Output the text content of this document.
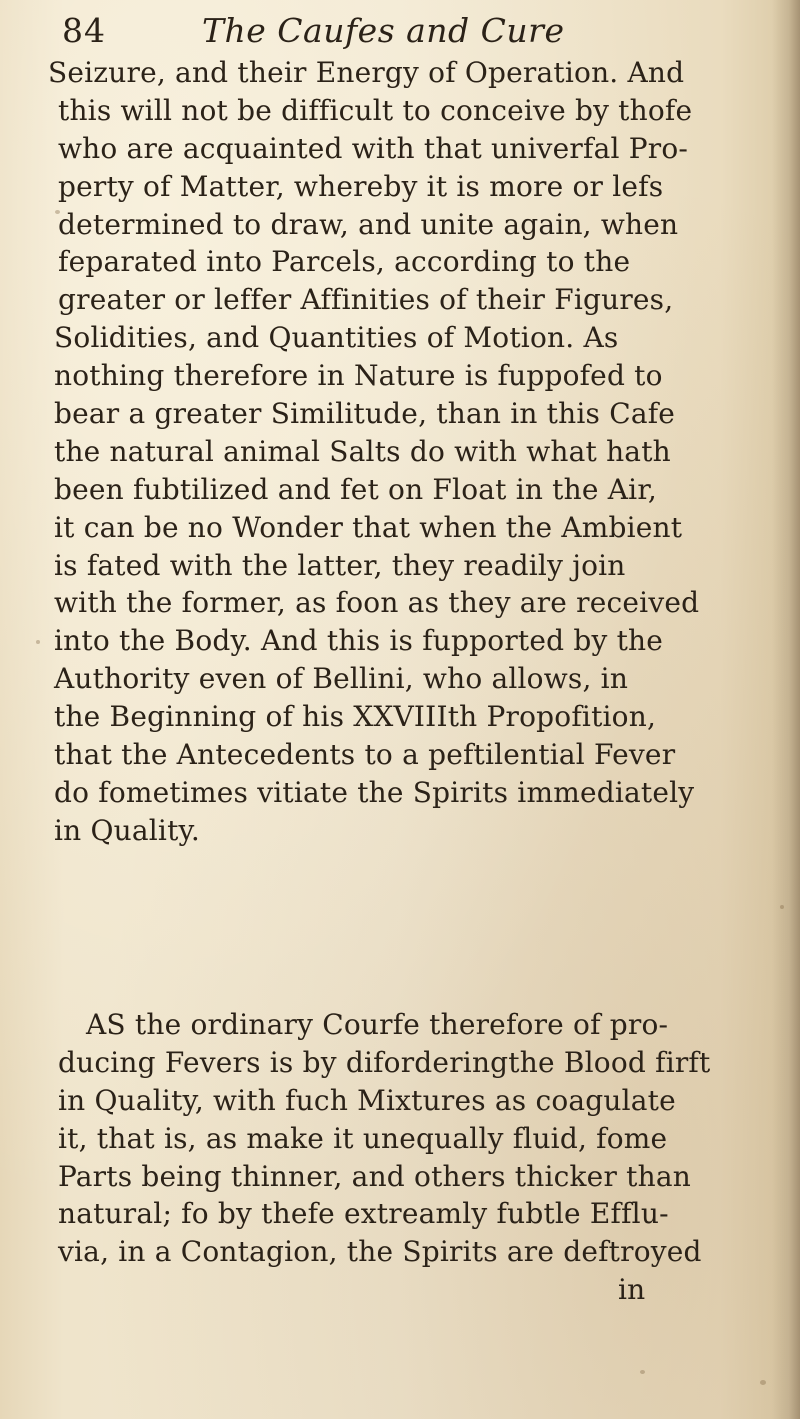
84	The Caufes and Cure
Seizure, and their Energy of Operation. And
this will not be difficult to conceive by thofe
who are acquainted with that univerfal Pro-
perty of Matter, whereby it is more or lefs
determined to draw, and unite again, when
feparated into Parcels, according to the
greater or leffer Affinities of their Figures,
Solidities, and Quantities of Motion. As
nothing therefore in Nature is fuppofed to
bear a greater Similitude, than in this Cafe
the natural animal Salts do with what hath
been fubtilized and fet on Float in the Air,
it can be no Wonder that when the Ambient
is fated with the latter, they readily join
with the former, as foon as they are received
into the Body. And this is fupported by the
Authority even of Bellini, who allows, in
the Beginning of his XXVIIIth Propofition,
that the Antecedents to a peftilential Fever
do fometimes vitiate the Spirits immediately
in Quality.
AS the ordinary Courfe therefore of pro-
ducing Fevers is by diforderingthe Blood firft
in Quality, with fuch Mixtures as coagulate
it, that is, as make it unequally fluid, fome
Parts being thinner, and others thicker than
natural; fo by thefe extreamly fubtle Efflu-
via, in a Contagion, the Spirits are deftroyed
in
